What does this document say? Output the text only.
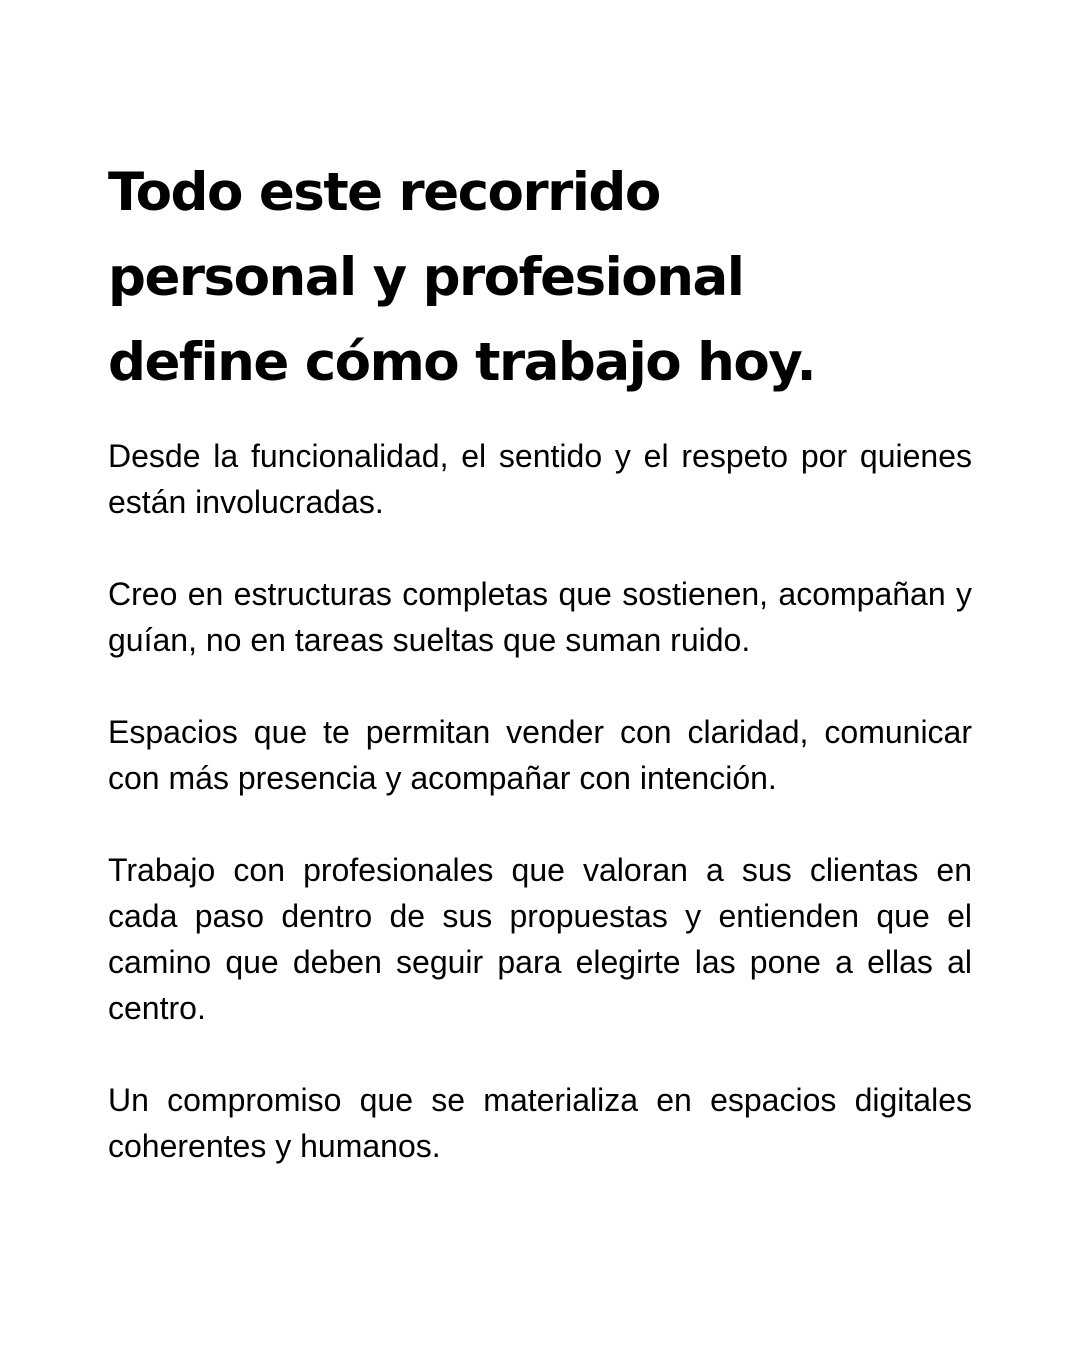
Todo este recorrido
personal y profesional
define cómo trabajo hoy.

Desde la funcionalidad, el sentido y el respeto por quienes están involucradas.

Creo en estructuras completas que sostienen, acompañan y guían, no en tareas sueltas que suman ruido.

Espacios que te permitan vender con claridad, comunicar con más presencia y acompañar con intención.

Trabajo con profesionales que valoran a sus clientas en cada paso dentro de sus propuestas y entienden que el camino que deben seguir para elegirte las pone a ellas al centro.

Un compromiso que se materializa en espacios digitales coherentes y humanos.
